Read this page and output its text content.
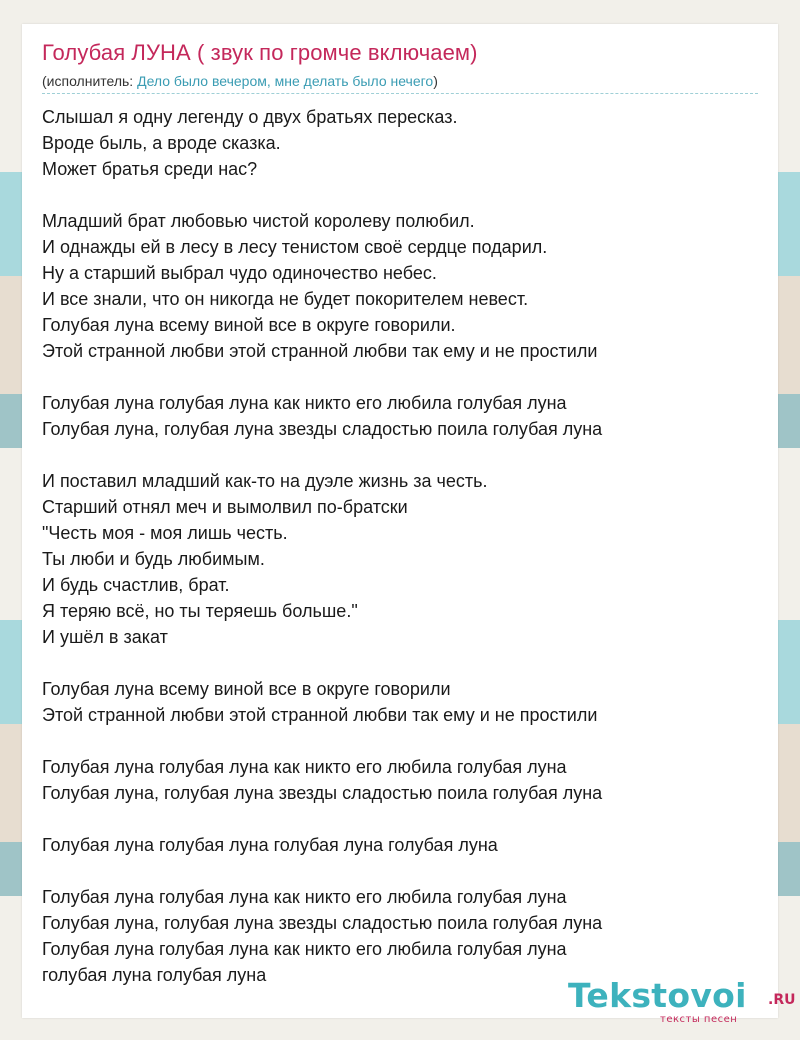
Голубая ЛУНА ( звук по громче включаем)
(исполнитель: Дело было вечером, мне делать было нечего)
Слышал я одну легенду о двух братьях пересказ.
Вроде быль, а вроде сказка.
Может братья среди нас?
Младший брат любовью чистой королеву полюбил.
И однажды ей в лесу в лесу тенистом своё сердце подарил.
Ну а старший выбрал чудо одиночество небес.
И все знали, что он никогда не будет покорителем невест.
Голубая луна всему виной все в округе говорили.
Этой странной любви этой странной любви так ему и не простили
Голубая луна голубая луна как никто его любила голубая луна
Голубая луна, голубая луна звезды сладостью поила голубая луна
И поставил младший как-то на дуэле жизнь за честь.
Старший отнял меч и вымолвил по-братски
"Честь моя - моя лишь честь.
Ты люби и будь любимым.
И будь счастлив, брат.
Я теряю всё, но ты теряешь больше."
И ушёл в закат
Голубая луна всему виной все в округе говорили
Этой странной любви этой странной любви так ему и не простили
Голубая луна голубая луна как никто его любила голубая луна
Голубая луна, голубая луна звезды сладостью поила голубая луна
Голубая луна голубая луна голубая луна голубая луна
Голубая луна голубая луна как никто его любила голубая луна
Голубая луна, голубая луна звезды сладостью поила голубая луна
Голубая луна голубая луна как никто его любила голубая луна
голубая луна голубая луна
Tekstovoi .RU
тексты песен
